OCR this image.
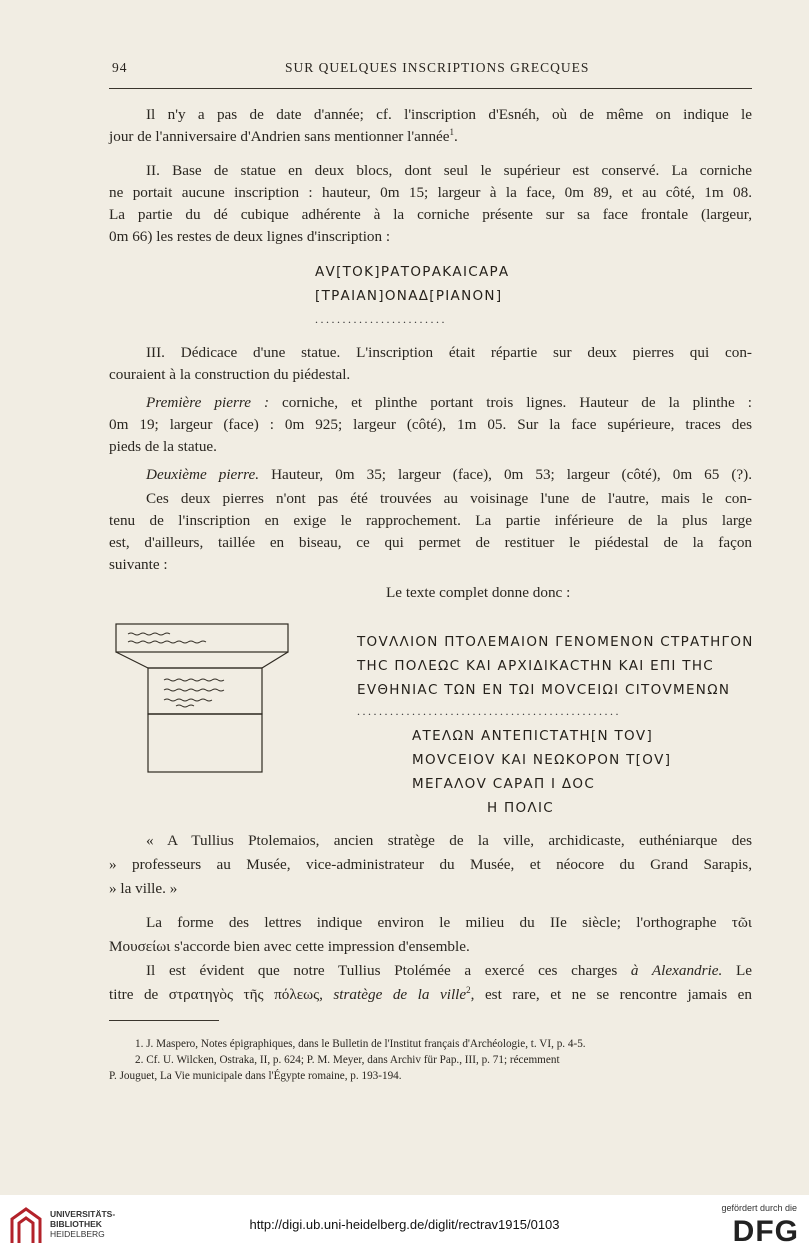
94	SUR QUELQUES INSCRIPTIONS GRECQUES
Il n'y a pas de date d'année; cf. l'inscription d'Esnéh, où de même on indique le
jour de l'anniversaire d'Andrien sans mentionner l'année$^1$.
II. Base de statue en deux blocs, dont seul le supérieur est conservé. La corniche
ne portait aucune inscription : hauteur, 0m 15; largeur à la face, 0m 89, et au côté, 1m 08.
La partie du dé cubique adhérente à la corniche présente sur sa face frontale (largeur,
0m 66) les restes de deux lignes d'inscription :
ΑV[ΤΟΚ]ΡΑΤΟΡΑΚΑΙCΑΡΑ
[ΤΡΑΙΑΝ]ΟΝΑΔ[ΡΙΑΝΟΝ]
........................
III. Dédicace d'une statue. L'inscription était répartie sur deux pierres qui con-
couraient à la construction du piédestal.
Première pierre : corniche, et plinthe portant trois lignes. Hauteur de la plinthe :
0m 19; largeur (face) : 0m 925; largeur (côté), 1m 05. Sur la face supérieure, traces des
pieds de la statue.
Deuxième pierre. Hauteur, 0m 35; largeur (face), 0m 53; largeur (côté), 0m 65 (?).
Ces deux pierres n'ont pas été trouvées au voisinage l'une de l'autre, mais le con-
tenu de l'inscription en exige le rapprochement. La partie inférieure de la plus large
est, d'ailleurs, taillée en biseau, ce qui permet de restituer le piédestal de la façon
suivante :
Le texte complet donne donc :
ΤΟVΛΛΙΟΝ ΠΤΟΛΕΜΑΙΟΝ ΓΕΝΟΜΕΝΟΝ CΤΡΑΤΗΓΟΝ
ΤΗC ΠΟΛΕΩC ΚΑΙ ΑΡΧΙΔΙΚΑCΤΗΝ ΚΑΙ ΕΠΙ ΤΗC
ΕVΘΗΝΙΑC ΤΩΝ ΕΝ ΤΩΙ ΜΟVCΕΙΩΙ CΙΤΟVΜΕΝΩΝ
................................................
ΑΤΕΛΩΝ ΑΝΤΕΠΙCΤΑΤΗ[Ν ΤΟV]
ΜΟVCΕΙΟV ΚΑΙ ΝΕΩΚΟΡΟΝ Τ[ΟV]
ΜΕΓΑΛΟV CΑΡΑΠ Ι ΔΟC
Η ΠΟΛΙC
« A Tullius Ptolemaios, ancien stratège de la ville, archidicaste, euthéniarque des
» professeurs au Musée, vice-administrateur du Musée, et néocore du Grand Sarapis,
» la ville. »
La forme des lettres indique environ le milieu du IIe siècle; l'orthographe τῶι
Μουσείωι s'accorde bien avec cette impression d'ensemble.
Il est évident que notre Tullius Ptolémée a exercé ces charges à Alexandrie. Le
titre de στρατηγὸς τῆς πόλεως, stratège de la ville$^2$, est rare, et ne se rencontre jamais en
1. J. Maspero, Notes épigraphiques, dans le Bulletin de l'Institut français d'Archéologie, t. VI, p. 4-5.
2. Cf. U. Wilcken, Ostraka, II, p. 624; P. M. Meyer, dans Archiv für Pap., III, p. 71; récemment
P. Jouguet, La Vie municipale dans l'Égypte romaine, p. 193-194.
UNIVERSITÄTS-
BIBLIOTHEK
HEIDELBERG
http://digi.ub.uni-heidelberg.de/diglit/rectrav1915/0103
gefördert durch die
DFG
